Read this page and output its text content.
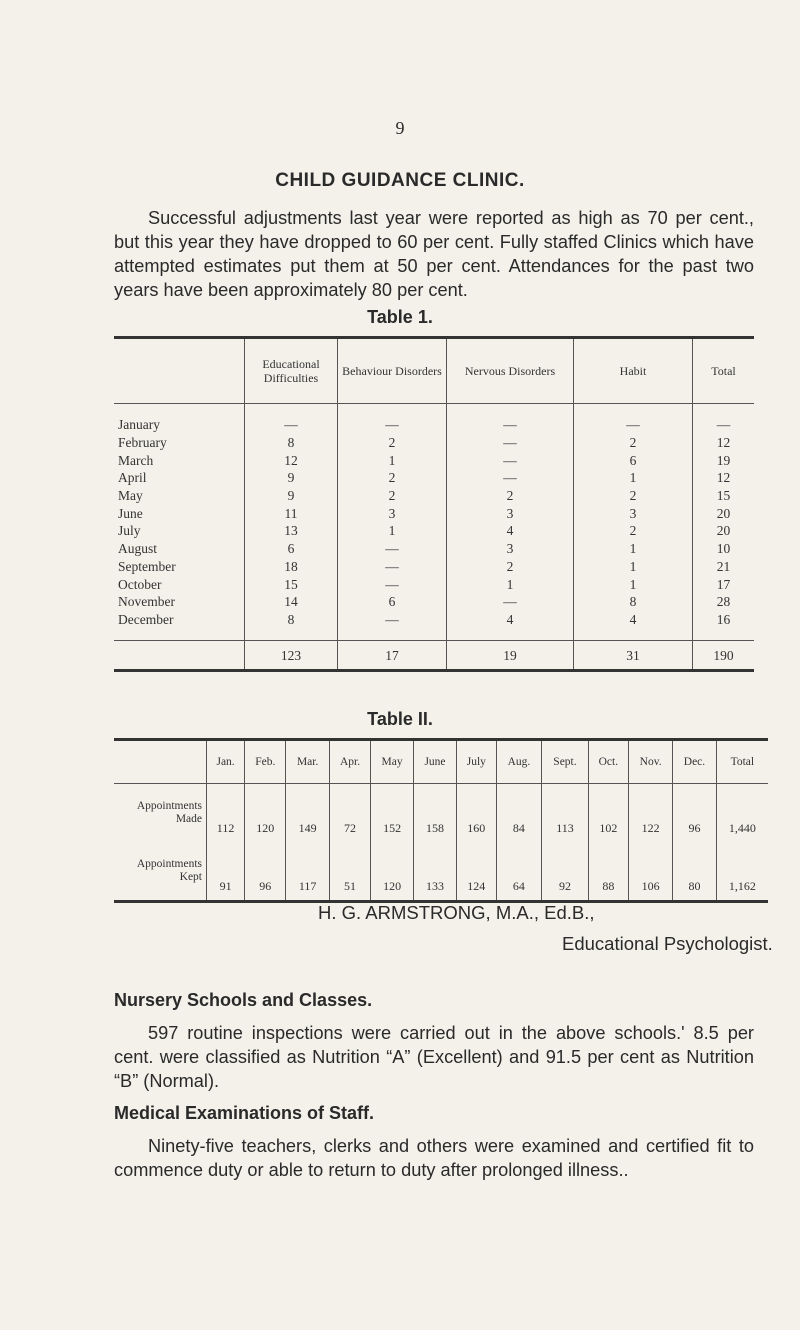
9
CHILD GUIDANCE CLINIC.
Successful adjustments last year were reported as high as 70 per cent., but this year they have dropped to 60 per cent. Fully staffed Clinics which have attempted estimates put them at 50 per cent. Attendances for the past two years have been approximately 80 per cent.
Table 1.
	Educational Difficulties	Behaviour Disorders	Nervous Disorders	Habit	Total

January	—	—	—	—	—
February	8	2	—	2	12
March	12	1	—	6	19
April	9	2	—	1	12
May	9	2	2	2	15
June	11	3	3	3	20
July	13	1	4	2	20
August	6	—	3	1	10
September	18	—	2	1	21
October	15	—	1	1	17
November	14	6	—	8	28
December	8	—	4	4	16

	123	17	19	31	190
Table II.
	Jan.	Feb.	Mar.	Apr.	May	June	July	Aug.	Sept.	Oct.	Nov.	Dec.	Total
Appointments Made	112	120	149	72	152	158	160	84	113	102	122	96	1,440
Appointments Kept	91	96	117	51	120	133	124	64	92	88	106	80	1,162
H. G. ARMSTRONG, M.A., Ed.B.,
Educational Psychologist.
Nursery Schools and Classes.
597 routine inspections were carried out in the above schools.' 8.5 per cent. were classified as Nutrition “A” (Excellent) and 91.5 per cent as Nutrition “B” (Normal).
Medical Examinations of Staff.
Ninety-five teachers, clerks and others were examined and certified fit to commence duty or able to return to duty after prolonged illness..
